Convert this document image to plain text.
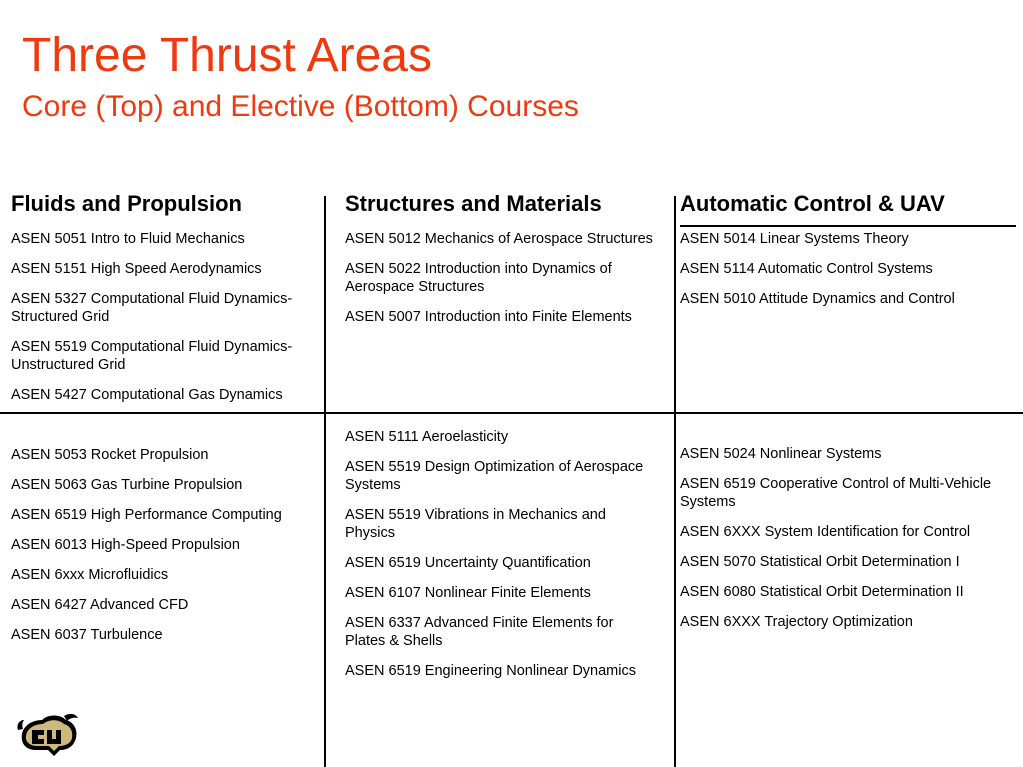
Three Thrust Areas
Core (Top) and Elective (Bottom) Courses

Fluids and Propulsion

ASEN 5051 Intro to Fluid Mechanics
ASEN 5151 High Speed Aerodynamics
ASEN 5327 Computational Fluid Dynamics-Structured Grid
ASEN 5519 Computational Fluid Dynamics-Unstructured Grid
ASEN 5427 Computational Gas Dynamics
ASEN 5053 Rocket Propulsion
ASEN 5063 Gas Turbine Propulsion
ASEN 6519 High Performance Computing
ASEN 6013 High-Speed Propulsion
ASEN 6xxx Microfluidics
ASEN 6427 Advanced CFD
ASEN 6037 Turbulence

Structures and Materials

ASEN 5012 Mechanics of Aerospace Structures
ASEN 5022 Introduction into Dynamics of Aerospace Structures
ASEN 5007 Introduction into Finite Elements
ASEN 5111 Aeroelasticity
ASEN 5519 Design Optimization of Aerospace Systems
ASEN 5519 Vibrations in Mechanics and Physics
ASEN 6519 Uncertainty Quantification
ASEN 6107 Nonlinear Finite Elements
ASEN 6337 Advanced Finite Elements for Plates & Shells
ASEN 6519 Engineering Nonlinear Dynamics

Automatic Control & UAV

ASEN 5014 Linear Systems Theory
ASEN 5114 Automatic Control Systems
ASEN 5010 Attitude Dynamics and Control
ASEN 5024 Nonlinear Systems
ASEN 6519 Cooperative Control of Multi-Vehicle Systems
ASEN 6XXX System Identification for Control
ASEN 5070 Statistical Orbit Determination I
ASEN 6080 Statistical Orbit Determination II
ASEN 6XXX Trajectory Optimization
